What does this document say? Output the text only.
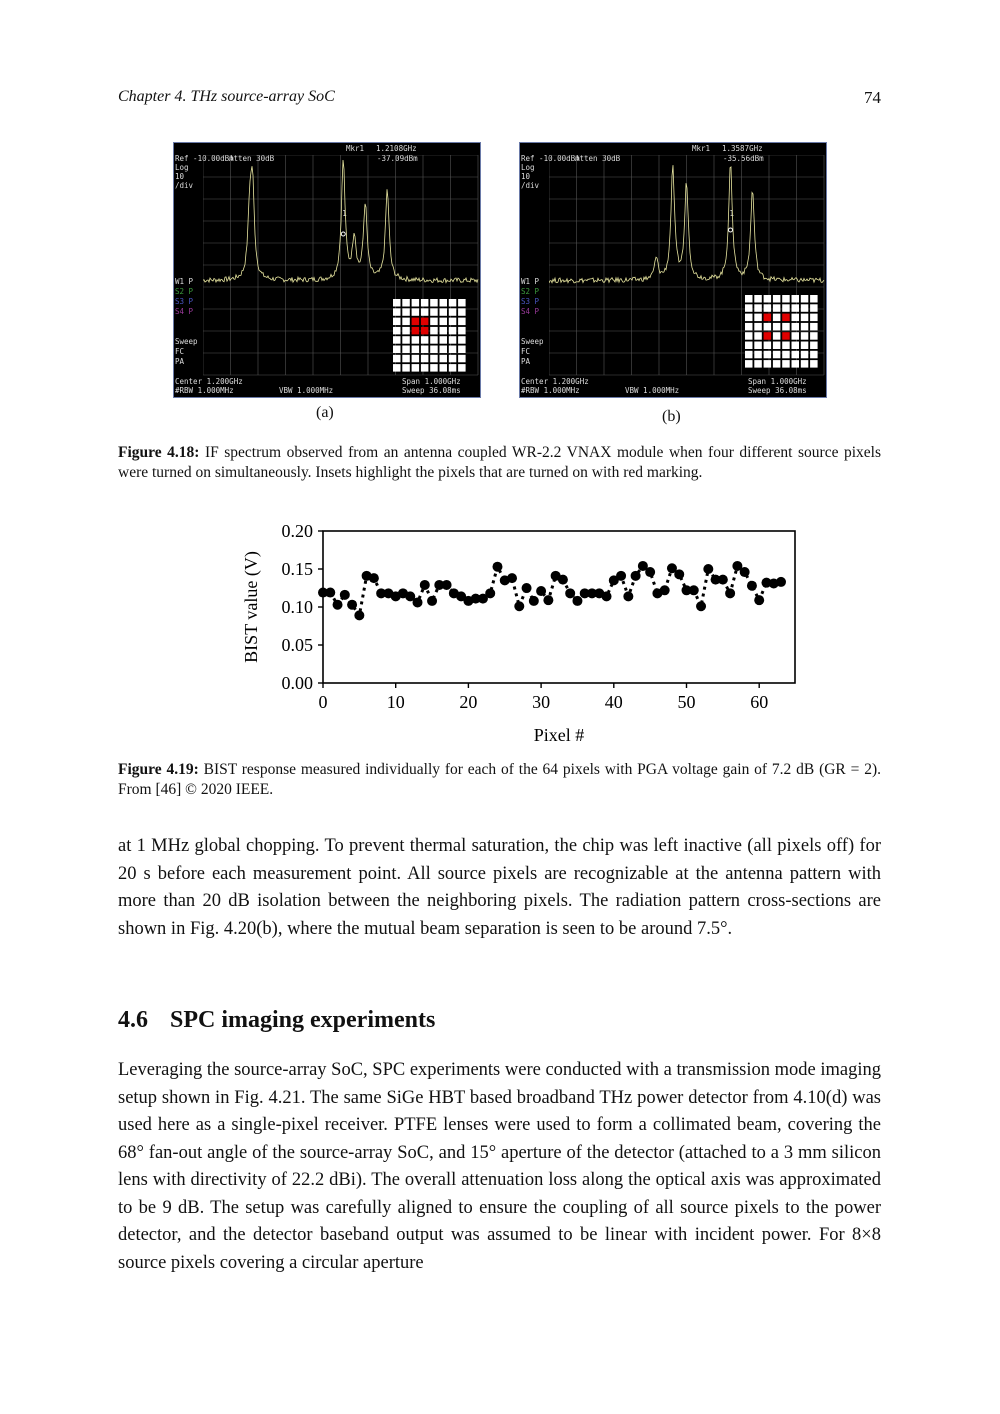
Chapter 4. THz source-array SoC	74
Mkr1 1.2108GHz
Ref -10.00dBm
Atten 30dB	-37.09dBm
Log
10
/div
W1 P
S2 P
S3 P
S4 P
Sweep
FC
PA
Center 1.200GHz	Span 1.000GHz
#RBW 1.000MHz	VBW 1.000MHz	Sweep 36.08ms
1
(a)
Mkr1 1.3587GHz
Ref -10.00dBm
Atten 30dB	-35.56dBm
Log
10
/div
W1 P
S2 P
S3 P
S4 P
Sweep
FC
PA
Center 1.200GHz	Span 1.000GHz
#RBW 1.000MHz	VBW 1.000MHz	Sweep 36.08ms
1
(b)
Figure 4.18: IF spectrum observed from an antenna coupled WR-2.2 VNAX module when four different source pixels were turned on simultaneously. Insets highlight the pixels that are turned on with red marking.
0.00
0.05
0.10
0.15
0.20
0	10	20	30	40	50	60
Pixel #
BIST value (V)
Figure 4.19: BIST response measured individually for each of the 64 pixels with PGA voltage gain of 7.2 dB (GR = 2). From [46] © 2020 IEEE.

at 1 MHz global chopping. To prevent thermal saturation, the chip was left inactive (all pixels off) for 20 s before each measurement point. All source pixels are recognizable at the antenna pattern with more than 20 dB isolation between the neighboring pixels. The radiation pattern cross-sections are shown in Fig. 4.20(b), where the mutual beam separation is seen to be around 7.5°.

4.6 SPC imaging experiments

Leveraging the source-array SoC, SPC experiments were conducted with a transmission mode imaging setup shown in Fig. 4.21. The same SiGe HBT based broadband THz power detector from 4.10(d) was used here as a single-pixel receiver. PTFE lenses were used to form a collimated beam, covering the 68° fan-out angle of the source-array SoC, and 15° aperture of the detector (attached to a 3 mm silicon lens with directivity of 22.2 dBi). The overall attenuation loss along the optical axis was approximated to be 9 dB. The setup was carefully aligned to ensure the coupling of all source pixels to the power detector, and the detector baseband output was assumed to be linear with incident power. For 8×8 source pixels covering a circular aperture
